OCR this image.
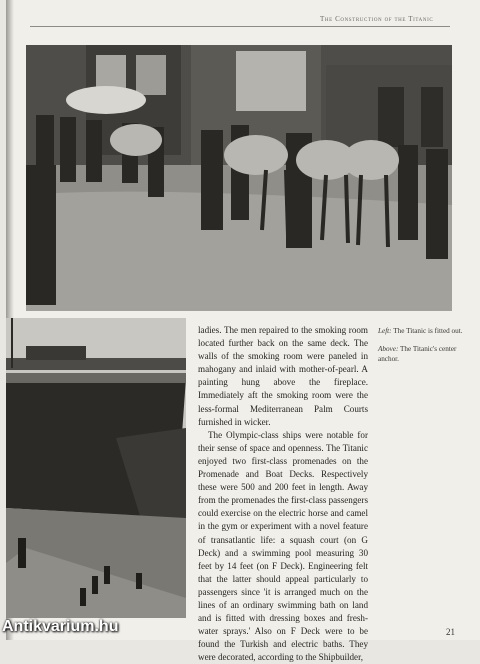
The Construction of the Titanic

ladies. The men repaired to the smoking room located further back on the same deck. The walls of the smoking room were paneled in mahogany and inlaid with mother-of-pearl. A painting hung above the fireplace. Immediately aft the smoking room were the less-formal Mediterranean Palm Courts furnished in wicker.

The Olympic-class ships were notable for their sense of space and openness. The Titanic enjoyed two first-class promenades on the Promenade and Boat Decks. Respectively these were 500 and 200 feet in length. Away from the promenades the first-class passengers could exercise on the electric horse and camel in the gym or experiment with a novel feature of transatlantic life: a squash court (on G Deck) and a swimming pool measuring 30 feet by 14 feet (on F Deck). Engineering felt that the latter should appeal particularly to passengers since 'it is arranged much on the lines of an ordinary swimming bath on land and is fitted with dressing boxes and fresh-water sprays.' Also on F Deck were to be found the Turkish and electric baths. They were decorated, according to the Shipbuilder,

Left: The Titanic is fitted out.

Above: The Titanic's center anchor.

21
Antikvarium.hu
